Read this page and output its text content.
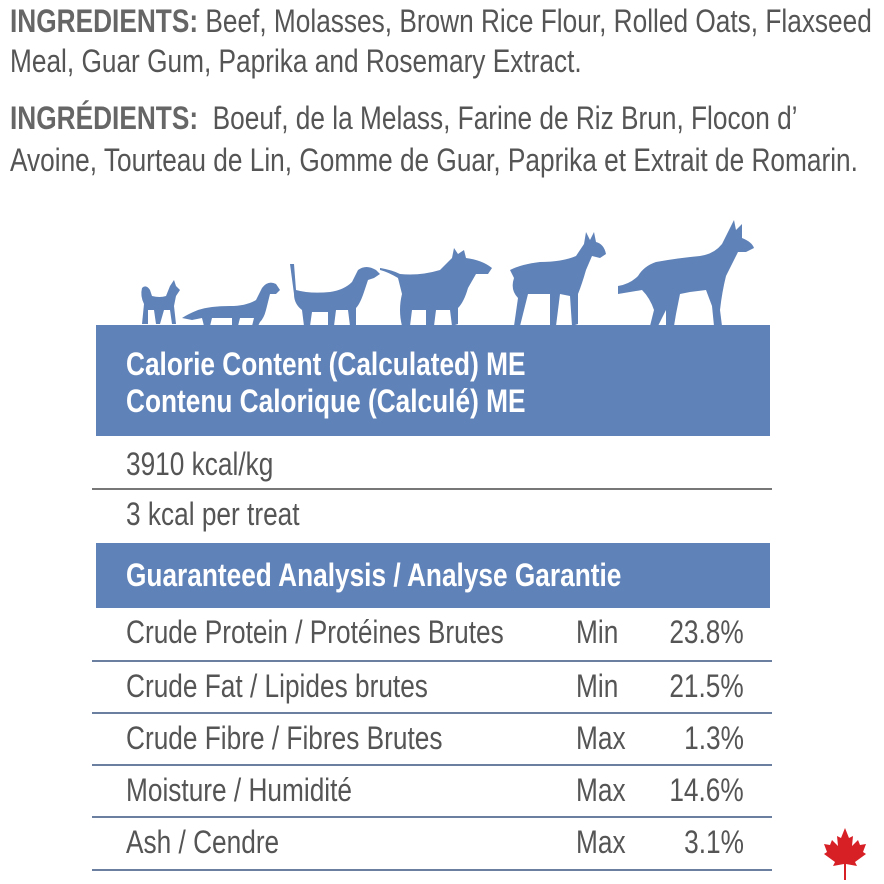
INGREDIENTS: Beef, Molasses, Brown Rice Flour, Rolled Oats, Flaxseed
Meal, Guar Gum, Paprika and Rosemary Extract.
INGRÉDIENTS: Boeuf, de la Melass, Farine de Riz Brun, Flocon d’
Avoine, Tourteau de Lin, Gomme de Guar, Paprika et Extrait de Romarin.
Calorie Content (Calculated) ME
Contenu Calorique (Calculé) ME
3910 kcal/kg
3 kcal per treat
Guaranteed Analysis / Analyse Garantie
Crude Protein / Protéines Brutes	Min	23.8%
Crude Fat / Lipides brutes	Min	21.5%
Crude Fibre / Fibres Brutes	Max	1.3%
Moisture / Humidité	Max	14.6%
Ash / Cendre	Max	3.1%
